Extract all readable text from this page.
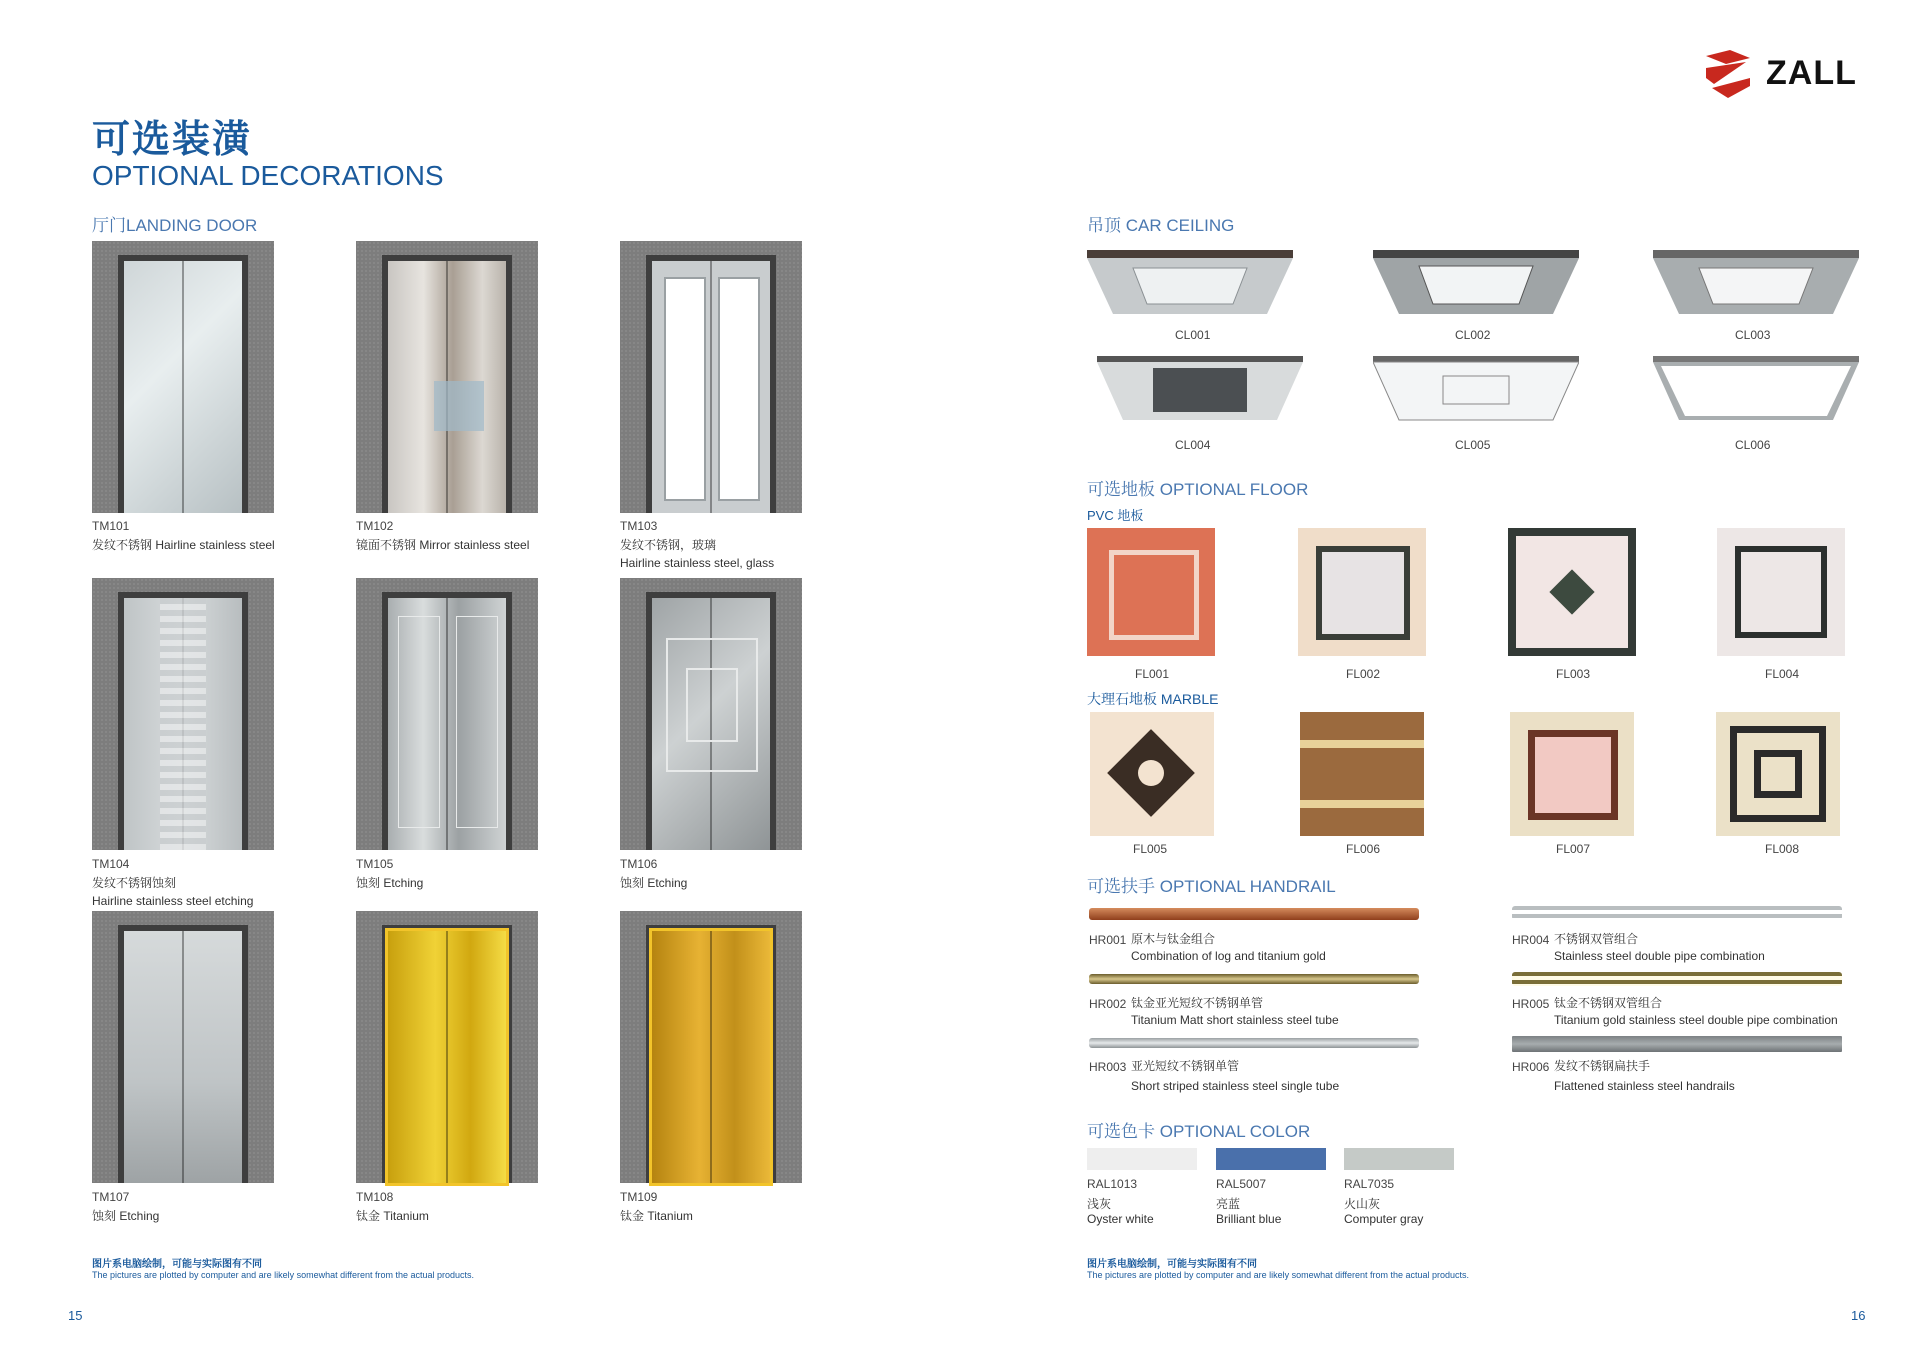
ZALL
可选装潢
OPTIONAL DECORATIONS
厅门LANDING DOOR
TM101
发纹不锈钢 Hairline stainless steel
TM102
镜面不锈钢 Mirror stainless steel
TM103
发纹不锈钢，玻璃
Hairline stainless steel, glass
TM104
发纹不锈钢蚀刻
Hairline stainless steel etching
TM105
蚀刻 Etching
TM106
蚀刻 Etching
TM107
蚀刻 Etching
TM108
钛金 Titanium
TM109
钛金 Titanium
图片系电脑绘制，可能与实际图有不同
The pictures are plotted by computer and are likely somewhat different from the actual products.
15
吊顶 CAR CEILING
CL001	CL002	CL003
CL004	CL005	CL006
可选地板 OPTIONAL FLOOR
PVC 地板
FL001	FL002	FL003	FL004
大理石地板 MARBLE
FL005	FL006	FL007	FL008
可选扶手 OPTIONAL HANDRAIL
HR001 原木与钛金组合
Combination of log and titanium gold
HR002 钛金亚光短纹不锈钢单管
Titanium Matt short stainless steel tube
HR003 亚光短纹不锈钢单管
Short striped stainless steel single tube
HR004 不锈钢双管组合
Stainless steel double pipe combination
HR005 钛金不锈钢双管组合
Titanium gold stainless steel double pipe combination
HR006 发纹不锈钢扁扶手
Flattened stainless steel handrails
可选色卡 OPTIONAL COLOR
RAL1013
浅灰
Oyster white
RAL5007
亮蓝
Brilliant blue
RAL7035
火山灰
Computer gray
图片系电脑绘制，可能与实际图有不同
The pictures are plotted by computer and are likely somewhat different from the actual products.
16
